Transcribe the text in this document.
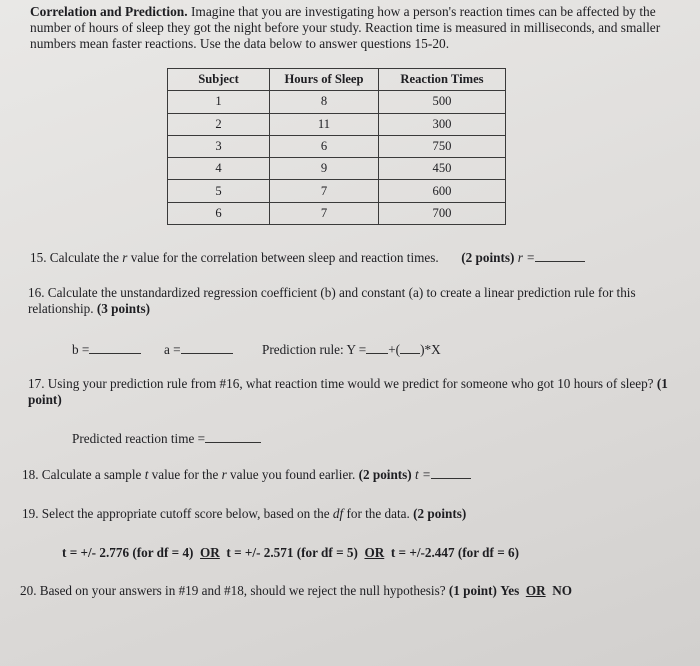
Correlation and Prediction. Imagine that you are investigating how a person's reaction times can be affected by the number of hours of sleep they got the night before your study. Reaction time is measured in milliseconds, and smaller numbers mean faster reactions. Use the data below to answer questions 15-20.
Subject	Hours of Sleep	Reaction Times
1	8	500
2	11	300
3	6	750
4	9	450
5	7	600
6	7	700
15. Calculate the r value for the correlation between sleep and reaction times. (2 points) r =
16. Calculate the unstandardized regression coefficient (b) and constant (a) to create a linear prediction rule for this relationship. (3 points)
b =	a =	Prediction rule: Y = +( )*X
17. Using your prediction rule from #16, what reaction time would we predict for someone who got 10 hours of sleep? (1 point)
Predicted reaction time =
18. Calculate a sample t value for the r value you found earlier. (2 points) t =
19. Select the appropriate cutoff score below, based on the df for the data. (2 points)
t = +/- 2.776 (for df = 4) OR t = +/- 2.571 (for df = 5) OR t = +/-2.447 (for df = 6)
20. Based on your answers in #19 and #18, should we reject the null hypothesis? (1 point) Yes OR NO
